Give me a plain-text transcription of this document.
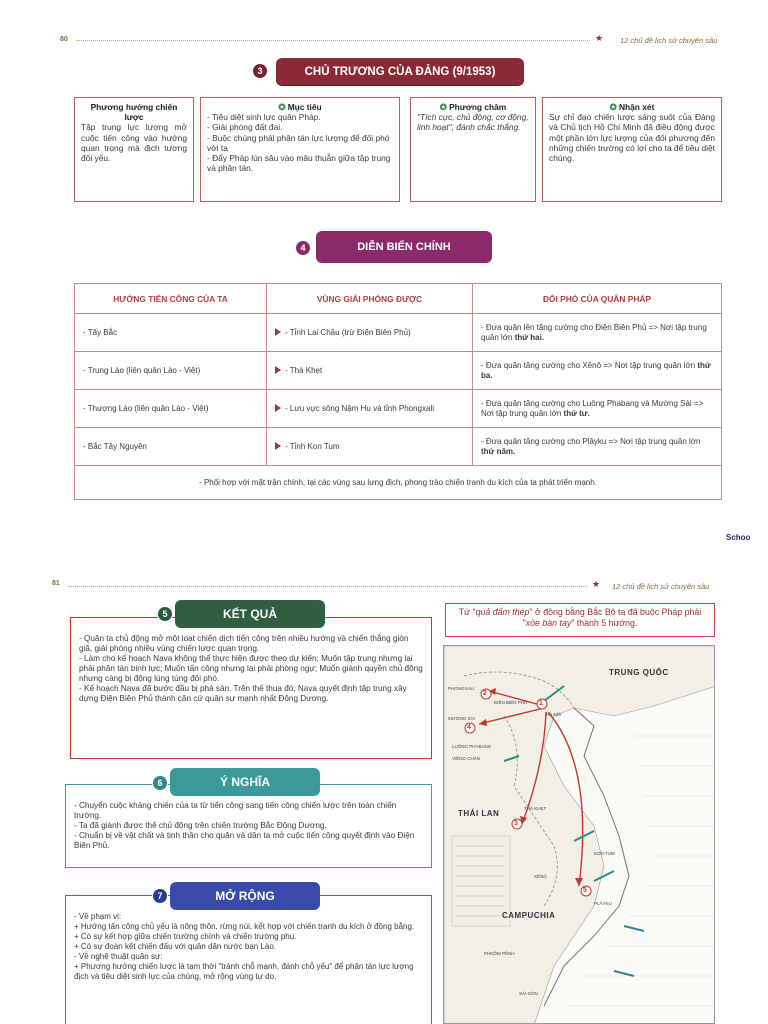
80	★ 12 chủ đề lịch sử chuyên sâu
3	CHỦ TRƯƠNG CỦA ĐẢNG (9/1953)
Phương hướng chiến lược
Tập trung lực lượng mở cuộc tiến công vào hướng quan trọng mà địch tương đối yếu.
✪ Mục tiêu
- Tiêu diệt sinh lực quân Pháp.
- Giải phóng đất đai.
- Buộc chúng phải phân tán lực lượng để đối phó với ta
- Đẩy Pháp lún sâu vào mâu thuẫn giữa tập trung và phân tán.
✪ Phương châm
"Tích cực, chủ động, cơ động, linh hoạt", đánh chắc thắng.
✪ Nhận xét
Sự chỉ đạo chiến lược sáng suốt của Đảng và Chủ tịch Hồ Chí Minh đã điều động được một phần lớn lực lượng của đối phương đến những chiến trường có lợi cho ta để tiêu diệt chúng.
4	DIỄN BIẾN CHÍNH
HƯỚNG TIẾN CÔNG CỦA TA	VÙNG GIẢI PHÓNG ĐƯỢC	ĐỐI PHÓ CỦA QUÂN PHÁP
- Tây Bắc	- Tỉnh Lai Châu (trừ Điện Biên Phủ)	- Đưa quân lên tăng cường cho Điện Biên Phủ => Nơi tập trung quân lớn thứ hai.
- Trung Lào (liên quân Lào - Việt)	- Thà Khẹt	- Đưa quân tăng cường cho Xênô => Nơi tập trung quân lớn thứ ba.
- Thượng Lào (liên quân Lào - Việt)	- Lưu vực sông Nậm Hu và tỉnh Phongxali	- Đưa quân tăng cường cho Luông Phabang và Mường Sài => Nơi tập trung quân lớn thứ tư.
- Bắc Tây Nguyên	- Tỉnh Kon Tum	- Đưa quân tăng cường cho Plâyku => Nơi tập trung quân lớn thứ năm.
- Phối hợp với mặt trận chính, tại các vùng sau lưng địch, phong trào chiến tranh du kích của ta phát triển mạnh.		
Schoo
81	★ 12 chủ đề lịch sử chuyên sâu
- Quân ta chủ động mở một loạt chiến dịch tiến công trên nhiều hướng và chiến thắng giòn giã, giải phóng nhiều vùng chiến lược quan trọng.
- Làm cho kế hoạch Nava không thể thực hiện được theo dự kiến: Muốn tập trung nhưng lại phải phân tán binh lực; Muốn tấn công nhưng lại phải phòng ngự; Muốn giành quyền chủ động nhưng càng bị động lúng túng đối phó.
- Kế hoạch Nava đã bước đầu bị phá sản. Trên thế thua đó, Nava quyết định tập trung xây dựng Điện Biên Phủ thành căn cứ quân sự mạnh nhất Đông Dương.
5	KẾT QUẢ
- Chuyển cuộc kháng chiến của ta từ tiến công sang tiến công chiến lược trên toàn chiến trường.
- Ta đã giành được thế chủ động trên chiến trường Bắc Đông Dương.
- Chuẩn bị về vật chất và tinh thần cho quân và dân ta mở cuộc tiến công quyết định vào Điện Biên Phủ.
6	Ý NGHĨA
- Về phạm vi:
+ Hướng tấn công chủ yếu là nông thôn, rừng núi, kết hợp với chiến tranh du kích ở đồng bằng.
+ Có sự kết hợp giữa chiến trường chính và chiến trường phụ.
+ Có sự đoàn kết chiến đấu với quân dân nước bạn Lào.
- Về nghệ thuật quân sự:
+ Phương hướng chiến lược là tạm thời "tránh chỗ mạnh, đánh chỗ yếu" để phân tán lực lượng địch và tiêu diệt sinh lực của chúng, mở rộng vùng tự do.
7	MỞ RỘNG
Từ "quả đấm thép" ở đồng bằng Bắc Bộ ta đã buộc Pháp phải "xòe bàn tay" thành 5 hướng.
1
2
3
4
5
TRUNG QUỐC
THÁI LAN
CAMPUCHIA
PHONGXALI
ĐIỆN BIÊN PHỦ
MƯỜNG SÀI
LUÔNG PHABANG
VIÊNG CHĂN
HÀ NỘI
THÀ KHẸT
XÊNÔ
KON TUM
PLÂYKU
PHNÔM PÊNH
SÀI GÒN
